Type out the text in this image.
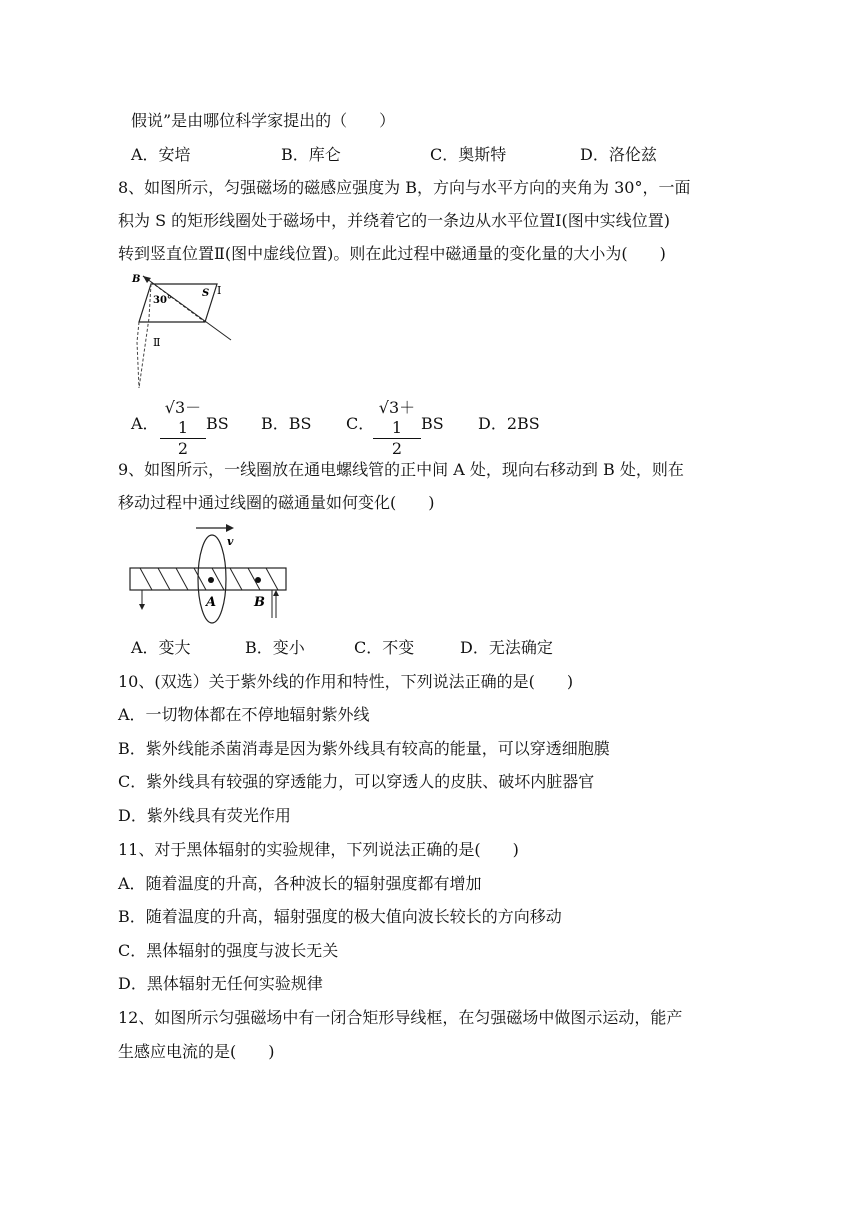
假说”是由哪位科学家提出的（　　）
A．安培	B．库仑	C．奥斯特	D．洛伦兹
8、如图所示，匀强磁场的磁感应强度为 B，方向与水平方向的夹角为 30°，一面
积为 S 的矩形线圈处于磁场中，并绕着它的一条边从水平位置Ⅰ(图中实线位置)
转到竖直位置Ⅱ(图中虚线位置)。则在此过程中磁通量的变化量的大小为(　　)
B
30°
S Ⅰ
Ⅱ
A． $\frac{√3-1}{2}$ BS B．BS C．
$\frac{√3+1}{2}$ BS D．2BS
9、如图所示，一线圈放在通电螺线管的正中间 A 处，现向右移动到 B 处，则在
移动过程中通过线圈的磁通量如何变化(　　)
v
A	B
A．变大	B．变小	C．不变	D．无法确定
10、(双选）关于紫外线的作用和特性，下列说法正确的是(　　)
A．一切物体都在不停地辐射紫外线
B．紫外线能杀菌消毒是因为紫外线具有较高的能量，可以穿透细胞膜
C．紫外线具有较强的穿透能力，可以穿透人的皮肤、破坏内脏器官
D．紫外线具有荧光作用
11、对于黑体辐射的实验规律，下列说法正确的是(　　)
A．随着温度的升高，各种波长的辐射强度都有增加
B．随着温度的升高，辐射强度的极大值向波长较长的方向移动
C．黑体辐射的强度与波长无关
D．黑体辐射无任何实验规律
12、如图所示匀强磁场中有一闭合矩形导线框，在匀强磁场中做图示运动，能产
生感应电流的是(　　)
